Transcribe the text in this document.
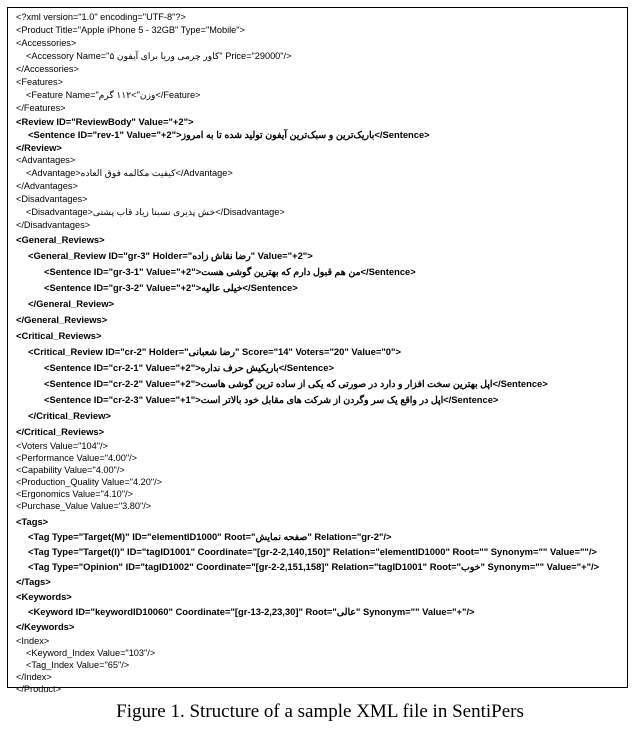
<?xml version="1.0" encoding="UTF-8"?>
<Product Title="Apple iPhone 5 - 32GB" Type="Mobile">
<Accessories>
<Accessory Name="کاور چرمی وریا برای آیفون ۵" Price="29000"/>
</Accessories>
<Features>
<Feature Name="وزن">۱۱۲ گرم</Feature>
</Features>
<Review ID="ReviewBody" Value="+2">
<Sentence ID="rev-1" Value="+2">باریک‌ترین و سبک‌ترین آیفون تولید شده تا به امروز</Sentence>
</Review>
<Advantages>
<Advantage>کیفیت مکالمه فوق العاده</Advantage>
</Advantages>
<Disadvantages>
<Disadvantage>خش پذیری نسبتا زیاد قاب پشتی</Disadvantage>
</Disadvantages>
<General_Reviews>
<General_Review ID="gr-3" Holder="رضا نقاش زاده" Value="+2">
<Sentence ID="gr-3-1" Value="+2">من هم قبول دارم که بهترین گوشی هست</Sentence>
<Sentence ID="gr-3-2" Value="+2">خیلی عالیه</Sentence>
</General_Review>
</General_Reviews>
<Critical_Reviews>
<Critical_Review ID="cr-2" Holder="رضا شعبانی" Score="14" Voters="20" Value="0">
<Sentence ID="cr-2-1" Value="+2">باریکیش حرف نداره</Sentence>
<Sentence ID="cr-2-2" Value="+2">اپل بهترین سخت افزار و دارد در صورتی که یکی از ساده ترین گوشی هاست</Sentence>
<Sentence ID="cr-2-3" Value="+1">اپل در واقع یک سر وگردن از شرکت های مقابل خود بالاتر است</Sentence>
</Critical_Review>
</Critical_Reviews>
<Voters Value="104"/>
<Performance Value="4.00"/>
<Capability Value="4.00"/>
<Production_Quality Value="4.20"/>
<Ergonomics Value="4.10"/>
<Purchase_Value Value="3.80"/>
<Tags>
<Tag Type="Target(M)" ID="elementID1000" Root="صفحه نمایش" Relation="gr-2"/>
<Tag Type="Target(I)" ID="tagID1001" Coordinate="[gr-2-2,140,150]" Relation="elementID1000" Root="" Synonym="" Value=""/>
<Tag Type="Opinion" ID="tagID1002" Coordinate="[gr-2-2,151,158]" Relation="tagID1001" Root="خوب" Synonym="" Value="+"/>
</Tags>
<Keywords>
<Keyword ID="keywordID10060" Coordinate="[gr-13-2,23,30]" Root="عالی" Synonym="" Value="+"/>
</Keywords>
<Index>
<Keyword_Index Value="103"/>
<Tag_Index Value="65"/>
</Index>
</Product>
Figure 1. Structure of a sample XML file in SentiPers
